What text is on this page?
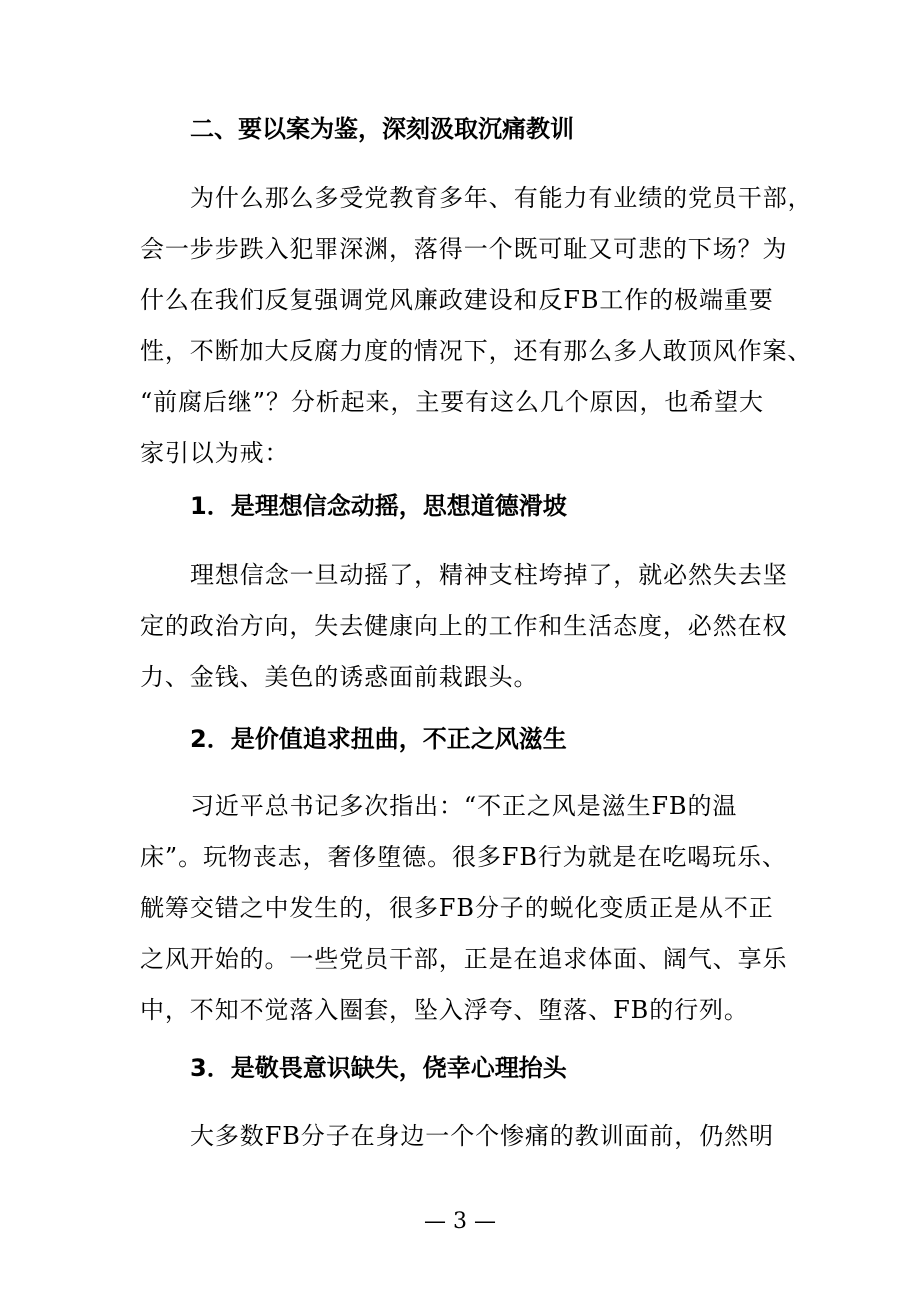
二、要以案为鉴，深刻汲取沉痛教训
为什么那么多受党教育多年、有能力有业绩的党员干部，
会一步步跌入犯罪深渊，落得一个既可耻又可悲的下场？为
什么在我们反复强调党风廉政建设和反FB工作的极端重要
性，不断加大反腐力度的情况下，还有那么多人敢顶风作案、
“前腐后继”？分析起来，主要有这么几个原因，也希望大
家引以为戒：
1．是理想信念动摇，思想道德滑坡
理想信念一旦动摇了，精神支柱垮掉了，就必然失去坚
定的政治方向，失去健康向上的工作和生活态度，必然在权
力、金钱、美色的诱惑面前栽跟头。
2．是价值追求扭曲，不正之风滋生
习近平总书记多次指出：“不正之风是滋生FB的温
床”。玩物丧志，奢侈堕德。很多FB行为就是在吃喝玩乐、
觥筹交错之中发生的，很多FB分子的蜕化变质正是从不正
之风开始的。一些党员干部，正是在追求体面、阔气、享乐
中，不知不觉落入圈套，坠入浮夸、堕落、FB的行列。
3．是敬畏意识缺失，侥幸心理抬头
大多数FB分子在身边一个个惨痛的教训面前，仍然明
— 3 —
